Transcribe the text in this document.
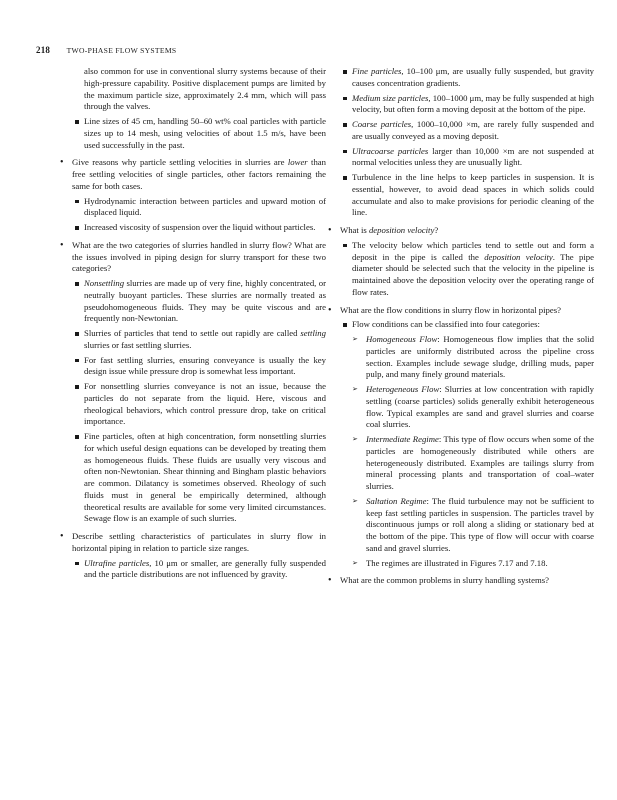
218 TWO-PHASE FLOW SYSTEMS
also common for use in conventional slurry systems because of their high-pressure capability. Positive displacement pumps are limited by the maximum particle size, approximately 2.4 mm, which will pass through the valves.
Line sizes of 45 cm, handling 50–60 wt% coal particles with particle sizes up to 14 mesh, using velocities of about 1.5 m/s, have been used successfully in the past.
• Give reasons why particle settling velocities in slurries are lower than free settling velocities of single particles, other factors remaining the same for both cases.
Hydrodynamic interaction between particles and upward motion of displaced liquid.
Increased viscosity of suspension over the liquid without particles.
• What are the two categories of slurries handled in slurry flow? What are the issues involved in piping design for slurry transport for these two categories?
Nonsettling slurries are made up of very fine, highly concentrated, or neutrally buoyant particles. These slurries are normally treated as pseudohomogeneous fluids. They may be quite viscous and are frequently non-Newtonian.
Slurries of particles that tend to settle out rapidly are called settling slurries or fast settling slurries.
For fast settling slurries, ensuring conveyance is usually the key design issue while pressure drop is somewhat less important.
For nonsettling slurries conveyance is not an issue, because the particles do not separate from the liquid. Here, viscous and rheological behaviors, which control pressure drop, take on critical importance.
Fine particles, often at high concentration, form nonsettling slurries for which useful design equations can be developed by treating them as homogeneous fluids. These fluids are usually very viscous and often non-Newtonian. Shear thinning and Bingham plastic behaviors are common. Dilatancy is sometimes observed. Rheology of such fluids must in general be empirically determined, although theoretical results are available for some very limited circumstances. Sewage flow is an example of such slurries.
• Describe settling characteristics of particulates in slurry flow in horizontal piping in relation to particle size ranges.
Ultrafine particles, 10 μm or smaller, are generally fully suspended and the particle distributions are not influenced by gravity.
Fine particles, 10–100 μm, are usually fully suspended, but gravity causes concentration gradients.
Medium size particles, 100–1000 μm, may be fully suspended at high velocity, but often form a moving deposit at the bottom of the pipe.
Coarse particles, 1000–10,000 ×m, are rarely fully suspended and are usually conveyed as a moving deposit.
Ultracoarse particles larger than 10,000 ×m are not suspended at normal velocities unless they are unusually light.
Turbulence in the line helps to keep particles in suspension. It is essential, however, to avoid dead spaces in which solids could accumulate and also to make provisions for periodic cleaning of the line.
• What is deposition velocity?
The velocity below which particles tend to settle out and form a deposit in the pipe is called the deposition velocity. The pipe diameter should be selected such that the velocity in the pipeline is maintained above the deposition velocity over the operating range of flow rates.
• What are the flow conditions in slurry flow in horizontal pipes?
Flow conditions can be classified into four categories:
➢ Homogeneous Flow: Homogeneous flow implies that the solid particles are uniformly distributed across the pipeline cross section. Examples include sewage sludge, drilling muds, paper pulp, and many finely ground materials.
➢ Heterogeneous Flow: Slurries at low concentration with rapidly settling (coarse particles) solids generally exhibit heterogeneous flow. Typical examples are sand and gravel slurries and coarse coal slurries.
➢ Intermediate Regime: This type of flow occurs when some of the particles are homogeneously distributed while others are heterogeneously distributed. Examples are tailings slurry from mineral processing plants and transportation of coal–water slurries.
➢ Saltation Regime: The fluid turbulence may not be sufficient to keep fast settling particles in suspension. The particles travel by discontinuous jumps or roll along a sliding or stationary bed at the bottom of the pipe. This type of flow will occur with coarse sand and gravel slurries.
➢ The regimes are illustrated in Figures 7.17 and 7.18.
• What are the common problems in slurry handling systems?
